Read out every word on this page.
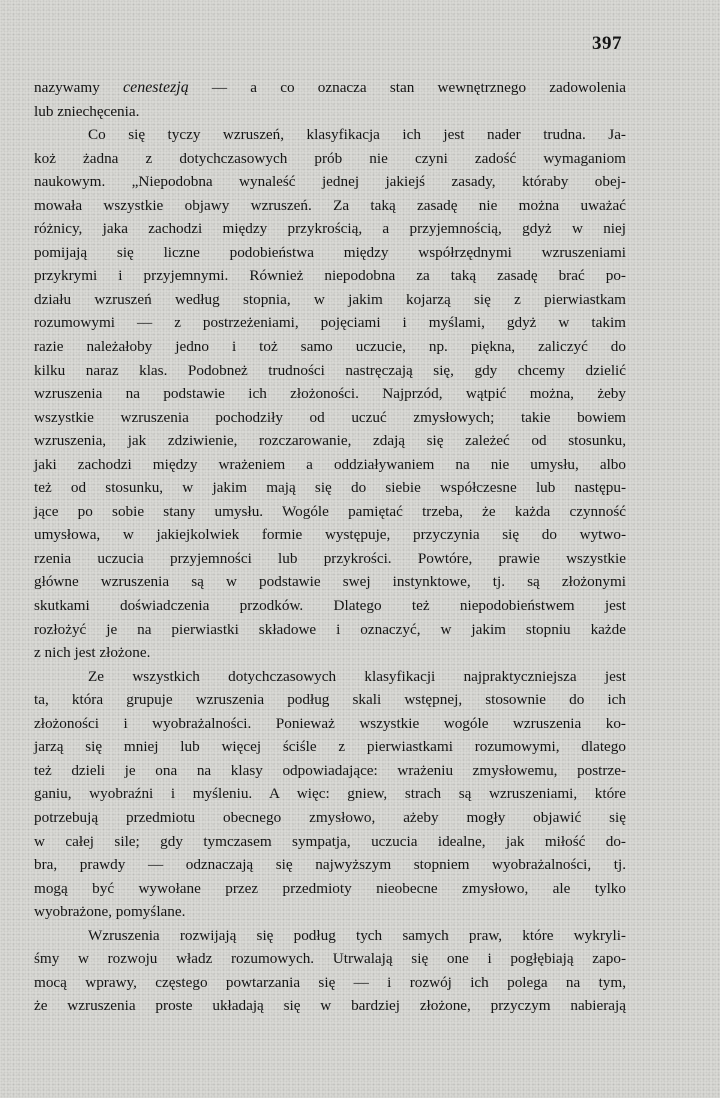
397
nazywamy cenestezją — a co oznacza stan wewnętrznego zadowolenia
lub zniechęcenia.
Co się tyczy wzruszeń, klasyfikacja ich jest nader trudna. Ja-
koż żadna z dotychczasowych prób nie czyni zadość wymaganiom
naukowym. „Niepodobna wynaleść jednej jakiejś zasady, któraby obej-
mowała wszystkie objawy wzruszeń. Za taką zasadę nie można uważać
różnicy, jaka zachodzi między przykrością, a przyjemnością, gdyż w niej
pomijają się liczne podobieństwa między współrzędnymi wzruszeniami
przykrymi i przyjemnymi. Również niepodobna za taką zasadę brać po-
działu wzruszeń według stopnia, w jakim kojarzą się z pierwiastkam
rozumowymi — z postrzeżeniami, pojęciami i myślami, gdyż w takim
razie należałoby jedno i toż samo uczucie, np. piękna, zaliczyć do
kilku naraz klas. Podobneż trudności nastręczają się, gdy chcemy dzielić
wzruszenia na podstawie ich złożoności. Najprzód, wątpić można, żeby
wszystkie wzruszenia pochodziły od uczuć zmysłowych; takie bowiem
wzruszenia, jak zdziwienie, rozczarowanie, zdają się zależeć od stosunku,
jaki zachodzi między wrażeniem a oddziaływaniem na nie umysłu, albo
też od stosunku, w jakim mają się do siebie współczesne lub następu-
jące po sobie stany umysłu. Wogóle pamiętać trzeba, że każda czynność
umysłowa, w jakiejkolwiek formie występuje, przyczynia się do wytwo-
rzenia uczucia przyjemności lub przykrości. Powtóre, prawie wszystkie
główne wzruszenia są w podstawie swej instynktowe, tj. są złożonymi
skutkami doświadczenia przodków. Dlatego też niepodobieństwem jest
rozłożyć je na pierwiastki składowe i oznaczyć, w jakim stopniu każde
z nich jest złożone.
Ze wszystkich dotychczasowych klasyfikacji najpraktyczniejsza jest
ta, która grupuje wzruszenia podług skali wstępnej, stosownie do ich
złożoności i wyobrażalności. Ponieważ wszystkie wogóle wzruszenia ko-
jarzą się mniej lub więcej ściśle z pierwiastkami rozumowymi, dlatego
też dzieli je ona na klasy odpowiadające: wrażeniu zmysłowemu, postrze-
ganiu, wyobraźni i myśleniu. A więc: gniew, strach są wzruszeniami, które
potrzebują przedmiotu obecnego zmysłowo, ażeby mogły objawić się
w całej sile; gdy tymczasem sympatja, uczucia idealne, jak miłość do-
bra, prawdy — odznaczają się najwyższym stopniem wyobrażalności, tj.
mogą być wywołane przez przedmioty nieobecne zmysłowo, ale tylko
wyobrażone, pomyślane.
Wzruszenia rozwijają się podług tych samych praw, które wykryli-
śmy w rozwoju władz rozumowych. Utrwalają się one i pogłębiają zapo-
mocą wprawy, częstego powtarzania się — i rozwój ich polega na tym,
że wzruszenia proste układają się w bardziej złożone, przyczym nabierają
